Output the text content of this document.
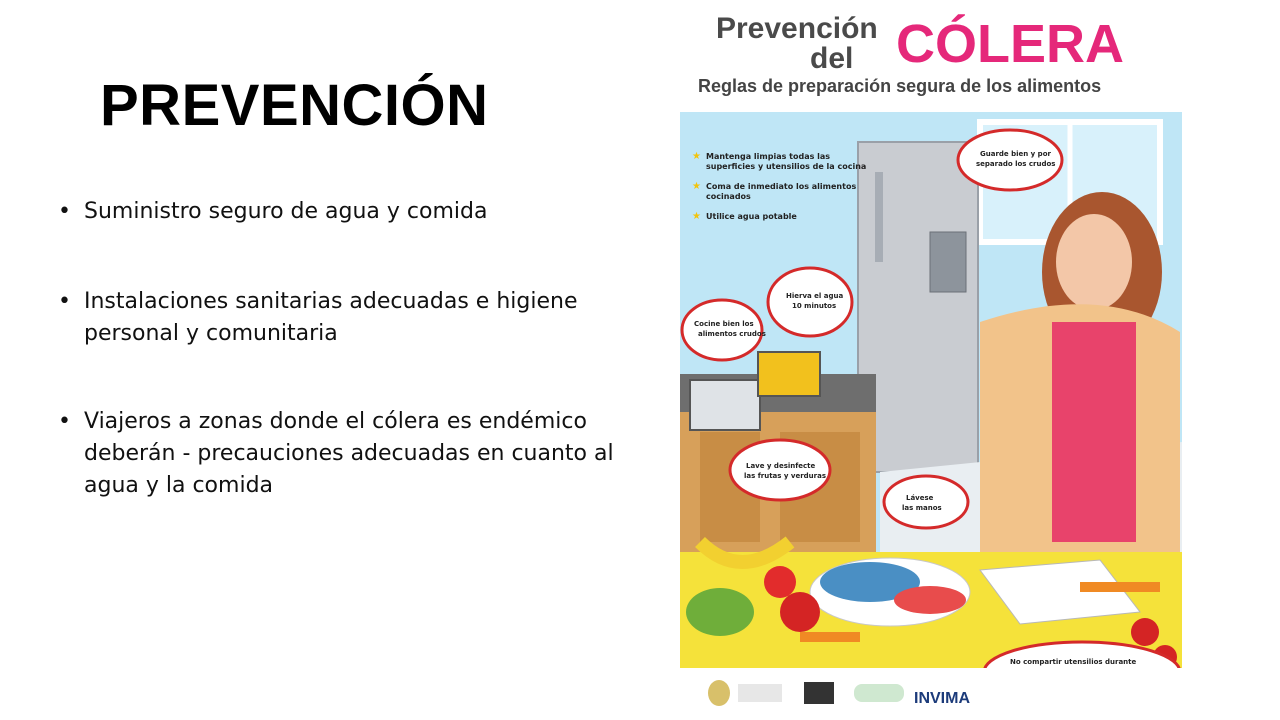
PREVENCIÓN
• Suministro seguro de agua y comida
• Instalaciones sanitarias adecuadas e higiene personal y comunitaria
• Viajeros a zonas donde el cólera es endémico deberán - precauciones adecuadas en cuanto al agua y la comida
Prevención
del CÓLERA
Reglas de preparación segura de los alimentos
Guarde bien y por
separado los crudos
Hierva el agua
10 minutos
Cocine bien los
alimentos crudos
Lave y desinfecte
las frutas y verduras
Lávese
las manos
No compartir utensilios durante
★ Mantenga limpias todas las superficies y utensilios de la cocina
★ Coma de inmediato los alimentos cocinados
★ Utilice agua potable
INVIMA
